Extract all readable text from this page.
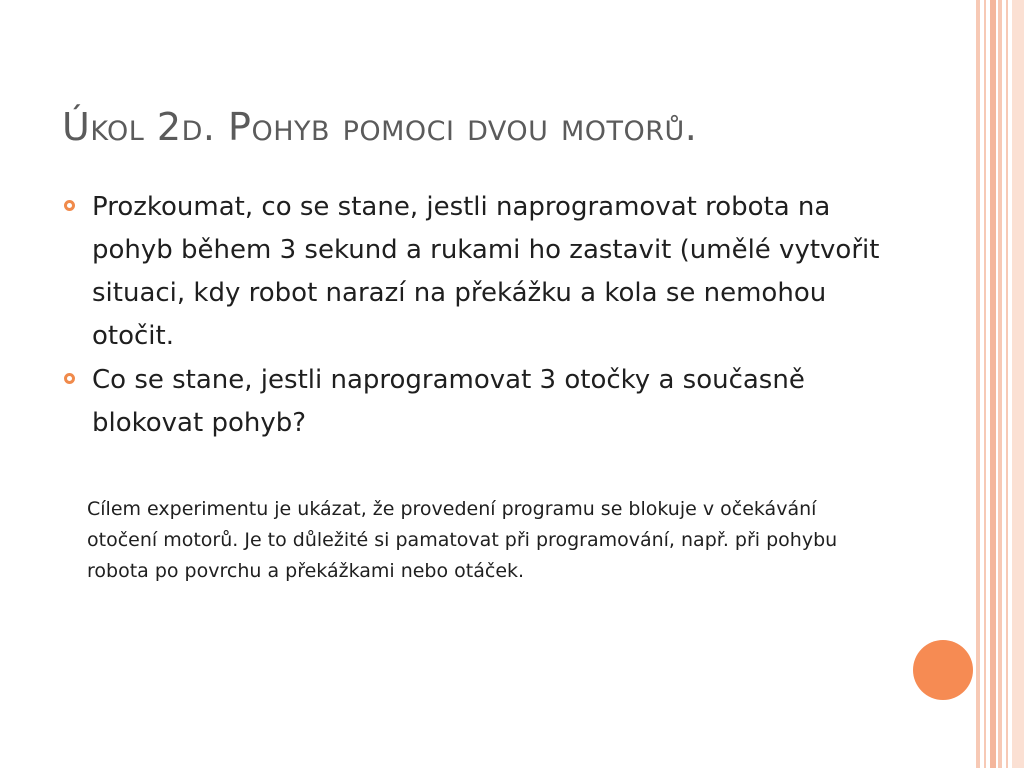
Úkol 2d. Pohyb pomoci dvou motorů.
Prozkoumat, co se stane, jestli naprogramovat robota na pohyb během 3 sekund a rukami ho zastavit (umělé vytvořit situaci, kdy robot narazí na překážku a kola se nemohou otočit.
Co se stane, jestli naprogramovat 3 otočky a současně blokovat pohyb?

Cílem experimentu je ukázat, že provedení programu se blokuje v očekávání otočení motorů. Je to důležité si pamatovat při programování, např. při pohybu robota po povrchu a překážkami nebo otáček.
